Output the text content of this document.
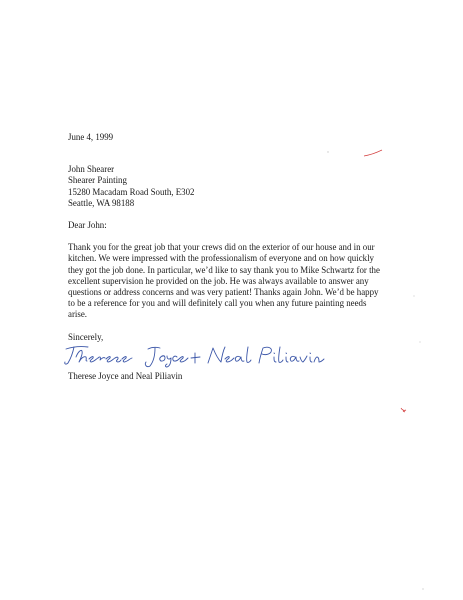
June 4, 1999
John Shearer
Shearer Painting
15280 Macadam Road South, E302
Seattle, WA 98188
Dear John:
Thank you for the great job that your crews did on the exterior of our house and in our
kitchen. We were impressed with the professionalism of everyone and on how quickly
they got the job done. In particular, we’d like to say thank you to Mike Schwartz for the
excellent supervision he provided on the job. He was always available to answer any
questions or address concerns and was very patient! Thanks again John. We’d be happy
to be a reference for you and will definitely call you when any future painting needs
arise.
Sincerely,
Therese Joyce and Neal Piliavin
